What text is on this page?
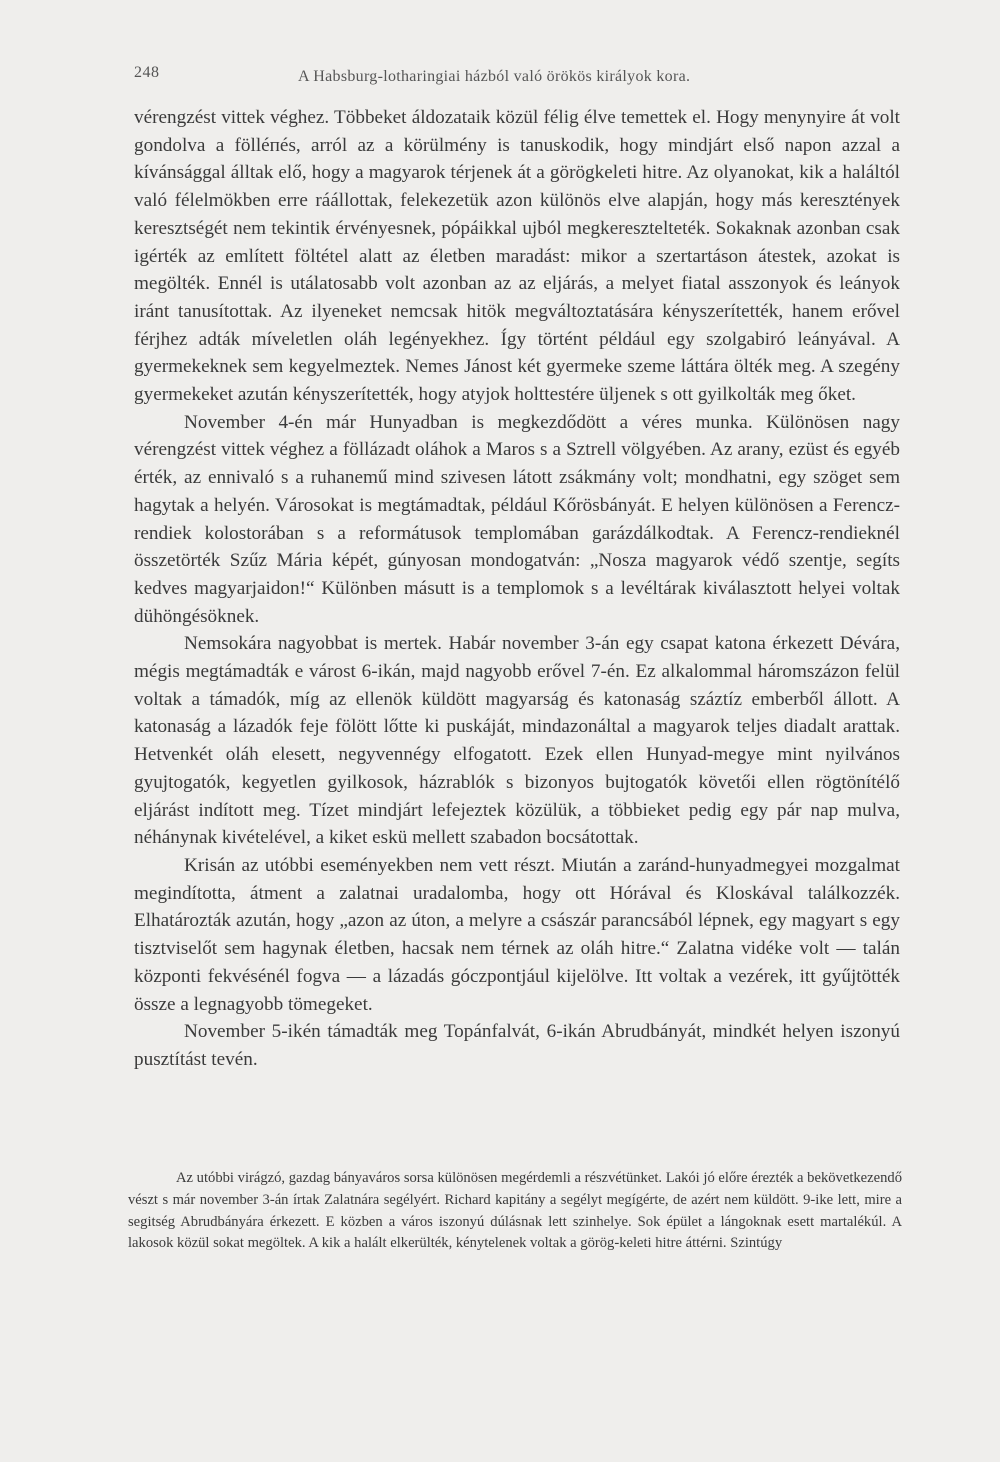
248	A Habsburg-lotharingiai házból való örökös királyok kora.

vérengzést vittek véghez. Többeket áldozataik közül félig élve temettek el. Hogy menynyire át volt gondolva a fölléпés, arról az a körülmény is tanuskodik, hogy mindjárt első napon azzal a kívánsággal álltak elő, hogy a magyarok térjenek át a görögkeleti hitre. Az olyanokat, kik a haláltól való félelmökben erre ráállottak, felekezetük azon különös elve alapján, hogy más keresztények keresztségét nem tekintik érvényesnek, pópáikkal ujból megkeresztelteték. Sokaknak azonban csak igérték az említett föltétel alatt az életben maradást: mikor a szertartáson átestek, azokat is megölték. Ennél is utálatosabb volt azonban az az eljárás, a melyet fiatal asszonyok és leányok iránt tanusítottak. Az ilyeneket nemcsak hitök megváltoztatására kényszerítették, hanem erővel férjhez adták míveletlen oláh legényekhez. Így történt például egy szolgabiró leányával. A gyermekeknek sem kegyelmeztek. Nemes Jánost két gyermeke szeme láttára ölték meg. A szegény gyermekeket azután kényszerítették, hogy atyjok holttestére üljenek s ott gyilkolták meg őket.

November 4-én már Hunyadban is megkezdődött a véres munka. Különösen nagy vérengzést vittek véghez a föllázadt oláhok a Maros s a Sztrell völgyében. Az arany, ezüst és egyéb érték, az ennivaló s a ruhanemű mind szivesen látott zsákmány volt; mondhatni, egy szöget sem hagytak a helyén. Városokat is megtámadtak, például Kőrösbányát. E helyen különösen a Ferencz-rendiek kolostorában s a reformátusok templomában garázdálkodtak. A Ferencz-rendieknél összetörték Szűz Mária képét, gúnyosan mondogatván: „Nosza magyarok védő szentje, segíts kedves magyarjaidon!“ Különben másutt is a templomok s a levéltárak kiválasztott helyei voltak dühöngésöknek.

Nemsokára nagyobbat is mertek. Habár november 3-án egy csapat katona érkezett Dévára, mégis megtámadták e várost 6-ikán, majd nagyobb erővel 7-én. Ez alkalommal háromszázon felül voltak a támadók, míg az ellenök küldött magyarság és katonaság száztíz emberből állott. A katonaság a lázadók feje fölött lőtte ki puskáját, mindazonáltal a magyarok teljes diadalt arattak. Hetvenkét oláh elesett, negyvennégy elfogatott. Ezek ellen Hunyad-megye mint nyilvános gyujtogatók, kegyetlen gyilkosok, házrablók s bizonyos bujtogatók követői ellen rögtönítélő eljárást indított meg. Tízet mindjárt lefejeztek közülük, a többieket pedig egy pár nap mulva, néhánynak kivételével, a kiket eskü mellett szabadon bocsátottak.

Krisán az utóbbi eseményekben nem vett részt. Miután a zaránd-hunyadmegyei mozgalmat megindította, átment a zalatnai uradalomba, hogy ott Hórával és Kloskával találkozzék. Elhatározták azután, hogy „azon az úton, a melyre a császár parancsából lépnek, egy magyart s egy tisztviselőt sem hagynak életben, hacsak nem térnek az oláh hitre.“ Zalatna vidéke volt — talán központi fekvésénél fogva — a lázadás góczpontjául kijelölve. Itt voltak a vezérek, itt gyűjtötték össze a legnagyobb tömegeket.

November 5-ikén támadták meg Topánfalvát, 6-ikán Abrudbányát, mindkét helyen iszonyú pusztítást tevén.

Az utóbbi virágzó, gazdag bányaváros sorsa különösen megérdemli a részvétünket. Lakói jó előre érezték a bekövetkezendő vészt s már november 3-án írtak Zalatnára segélyért. Richard kapitány a segélyt megígérte, de azért nem küldött. 9-ike lett, mire a segitség Abrudbányára érkezett. E közben a város iszonyú dúlásnak lett szinhelye. Sok épület a lángoknak esett martalékúl. A lakosok közül sokat megöltek. A kik a halált elkerülték, kénytelenek voltak a görög-keleti hitre áttérni. Szintúgy
